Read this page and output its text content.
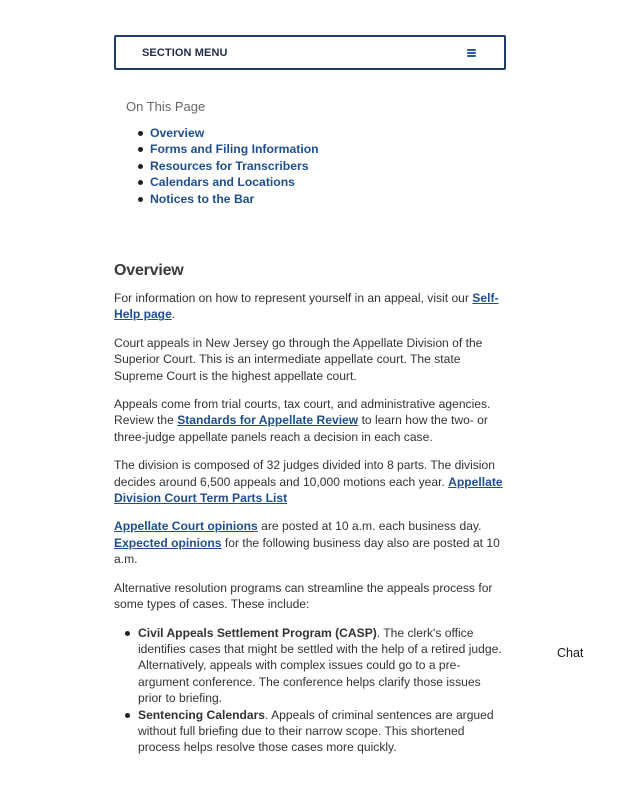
SECTION MENU
On This Page
Overview
Forms and Filing Information
Resources for Transcribers
Calendars and Locations
Notices to the Bar
Overview

For information on how to represent yourself in an appeal, visit our Self-Help page.

Court appeals in New Jersey go through the Appellate Division of the Superior Court. This is an intermediate appellate court. The state Supreme Court is the highest appellate court.

Appeals come from trial courts, tax court, and administrative agencies. Review the Standards for Appellate Review to learn how the two- or three-judge appellate panels reach a decision in each case.

The division is composed of 32 judges divided into 8 parts. The division decides around 6,500 appeals and 10,000 motions each year. Appellate Division Court Term Parts List

Appellate Court opinions are posted at 10 a.m. each business day. Expected opinions for the following business day also are posted at 10 a.m.

Alternative resolution programs can streamline the appeals process for some types of cases. These include:

Civil Appeals Settlement Program (CASP). The clerk's office identifies cases that might be settled with the help of a retired judge. Alternatively, appeals with complex issues could go to a pre-argument conference. The conference helps clarify those issues prior to briefing.
Sentencing Calendars. Appeals of criminal sentences are argued without full briefing due to their narrow scope. This shortened process helps resolve those cases more quickly.
Chat
